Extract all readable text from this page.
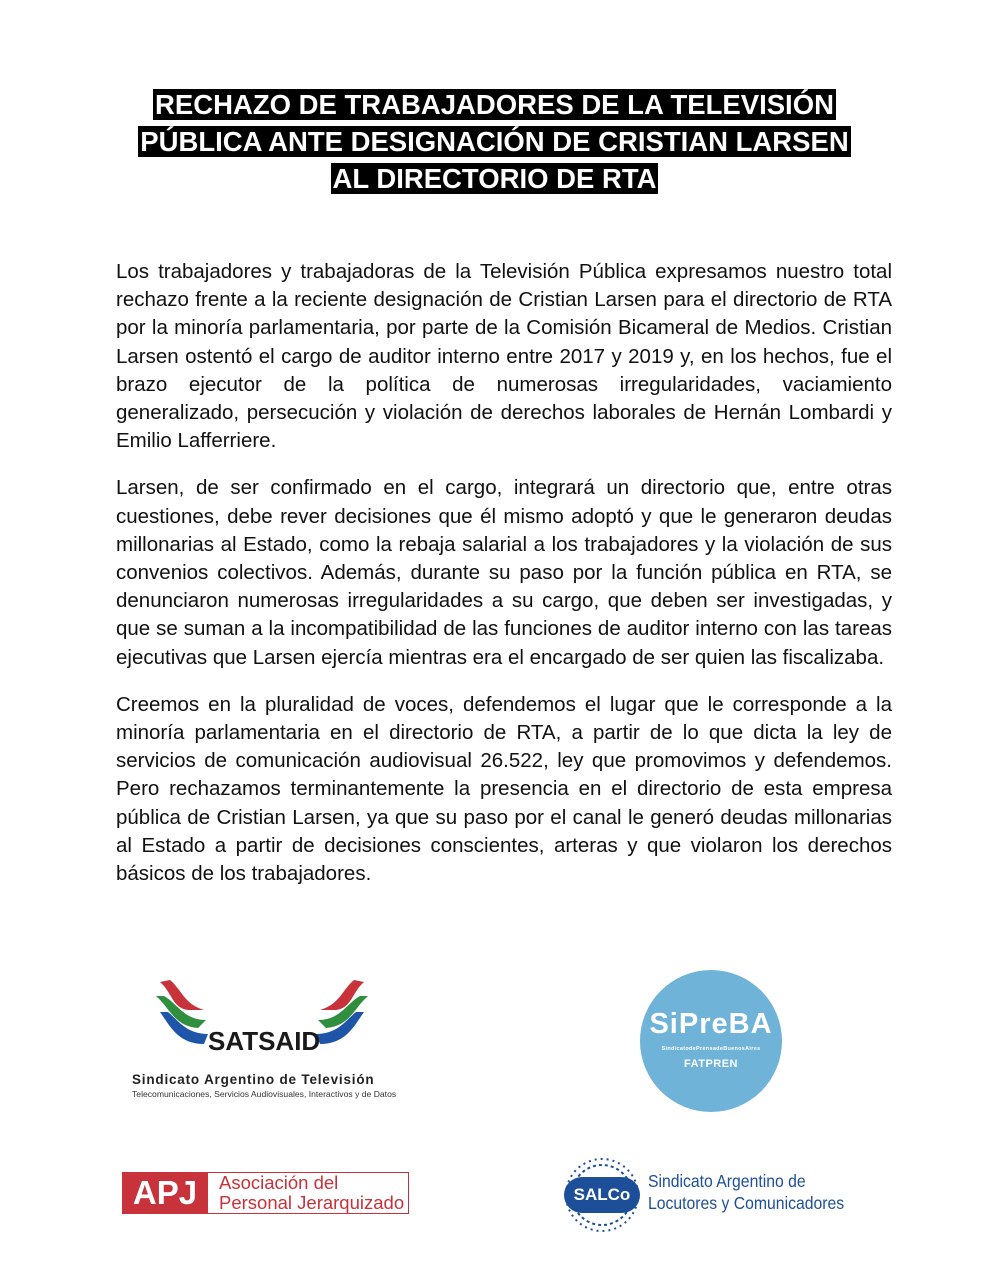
RECHAZO DE TRABAJADORES DE LA TELEVISIÓN
PÚBLICA ANTE DESIGNACIÓN DE CRISTIAN LARSEN
AL DIRECTORIO DE RTA

Los trabajadores y trabajadoras de la Televisión Pública expresamos nuestro total rechazo frente a la reciente designación de Cristian Larsen para el directorio de RTA por la minoría parlamentaria, por parte de la Comisión Bicameral de Medios. Cristian Larsen ostentó el cargo de auditor interno entre 2017 y 2019 y, en los hechos, fue el brazo ejecutor de la política de numerosas irregularidades, vaciamiento generalizado, persecución y violación de derechos laborales de Hernán Lombardi y Emilio Lafferriere.

Larsen, de ser confirmado en el cargo, integrará un directorio que, entre otras cuestiones, debe rever decisiones que él mismo adoptó y que le generaron deudas millonarias al Estado, como la rebaja salarial a los trabajadores y la violación de sus convenios colectivos. Además, durante su paso por la función pública en RTA, se denunciaron numerosas irregularidades a su cargo, que deben ser investigadas, y que se suman a la incompatibilidad de las funciones de auditor interno con las tareas ejecutivas que Larsen ejercía mientras era el encargado de ser quien las fiscalizaba.

Creemos en la pluralidad de voces, defendemos el lugar que le corresponde a la minoría parlamentaria en el directorio de RTA, a partir de lo que dicta la ley de servicios de comunicación audiovisual 26.522, ley que promovimos y defendemos. Pero rechazamos terminantemente la presencia en el directorio de esta empresa pública de Cristian Larsen, ya que su paso por el canal le generó deudas millonarias al Estado a partir de decisiones conscientes, arteras y que violaron los derechos básicos de los trabajadores.

SATSAID
Sindicato Argentino de Televisión
Telecomunicaciones, Servicios Audiovisuales, Interactivos y de Datos
SiPreBA
SindicatodePrensadeBuenosAires
FATPREN
APJ	Asociación del
Personal Jerarquizado	SALCo
Sindicato Argentino de
Locutores y Comunicadores
